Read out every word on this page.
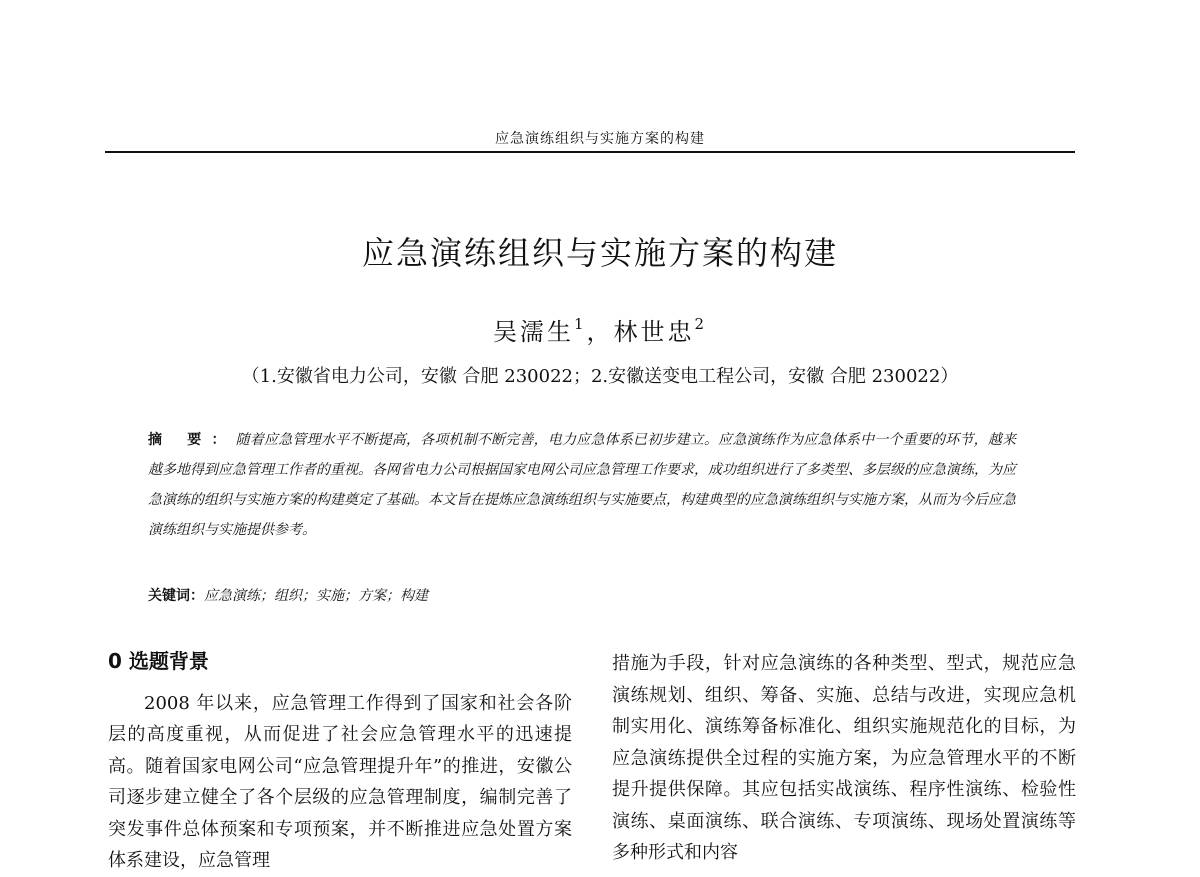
应急演练组织与实施方案的构建
应急演练组织与实施方案的构建
吴濡生$^1$，林世忠$^2$
（1.安徽省电力公司，安徽 合肥 230022；2.安徽送变电工程公司，安徽 合肥 230022）
摘 要：随着应急管理水平不断提高，各项机制不断完善，电力应急体系已初步建立。应急演练作为应急体系中一个重要的环节，越来越多地得到应急管理工作者的重视。各网省电力公司根据国家电网公司应急管理工作要求，成功组织进行了多类型、多层级的应急演练，为应急演练的组织与实施方案的构建奠定了基础。本文旨在提炼应急演练组织与实施要点，构建典型的应急演练组织与实施方案，从而为今后应急演练组织与实施提供参考。
关键词：应急演练；组织；实施；方案；构建
0 选题背景

2008 年以来，应急管理工作得到了国家和社会各阶层的高度重视，从而促进了社会应急管理水平的迅速提高。随着国家电网公司“应急管理提升年”的推进，安徽公司逐步建立健全了各个层级的应急管理制度，编制完善了突发事件总体预案和专项预案，并不断推进应急处置方案体系建设，应急管理

措施为手段，针对应急演练的各种类型、型式，规范应急演练规划、组织、筹备、实施、总结与改进，实现应急机制实用化、演练筹备标准化、组织实施规范化的目标，为应急演练提供全过程的实施方案，为应急管理水平的不断提升提供保障。其应包括实战演练、程序性演练、检验性演练、桌面演练、联合演练、专项演练、现场处置演练等多种形式和内容
